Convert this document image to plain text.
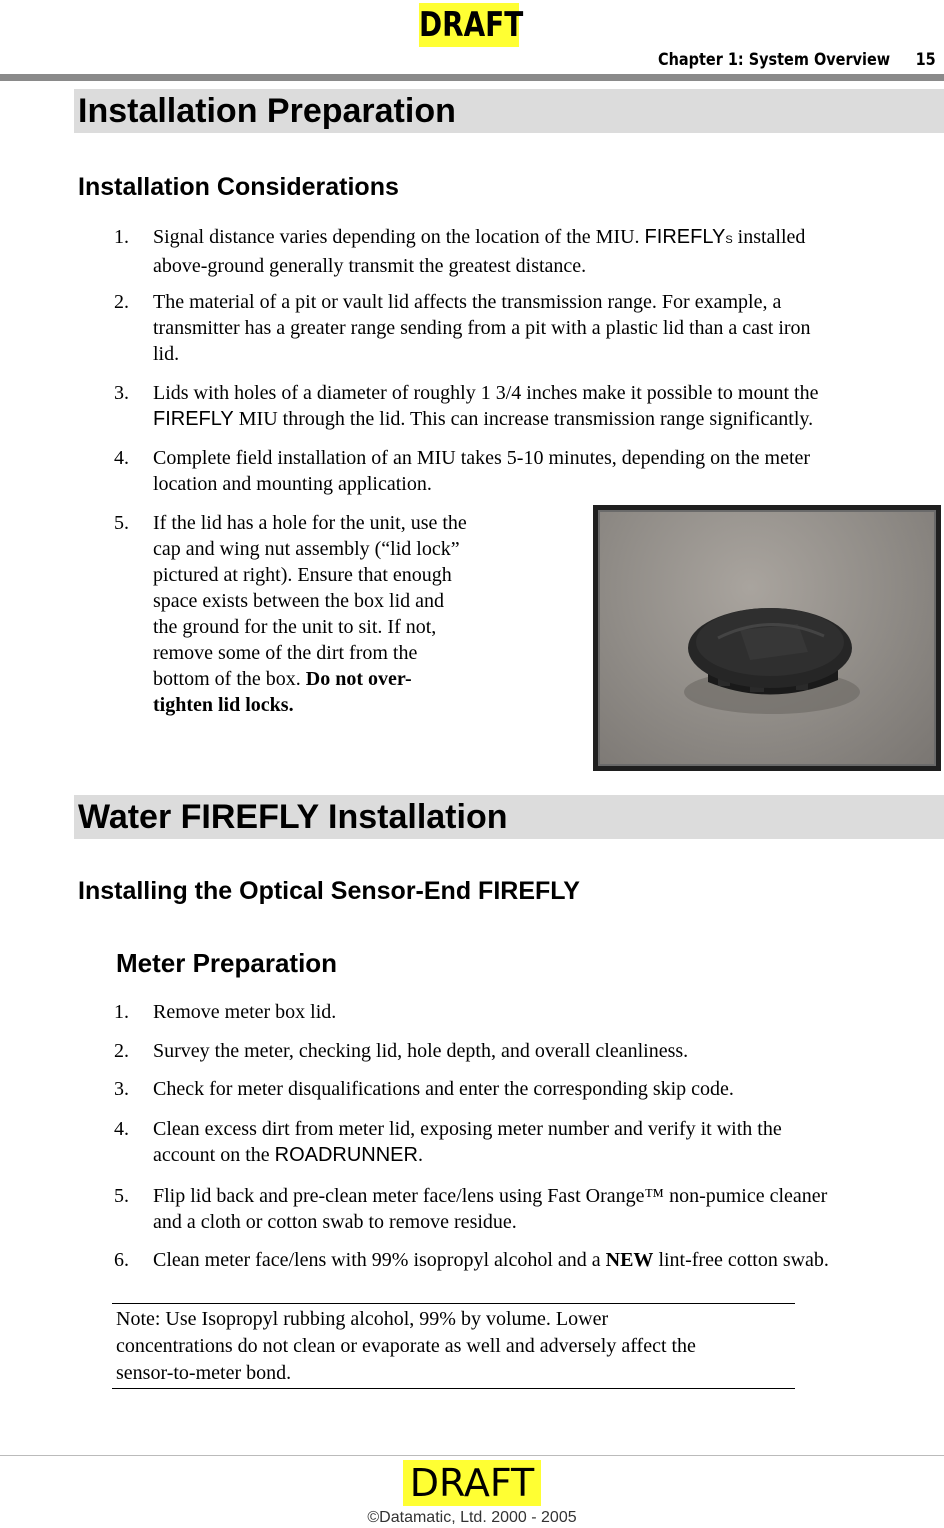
DRAFT
Chapter 1: System Overview 15
Installation Preparation
Installation Considerations
1. Signal distance varies depending on the location of the MIU. FIREFLYS installed
above-ground generally transmit the greatest distance.
2. The material of a pit or vault lid affects the transmission range. For example, a
transmitter has a greater range sending from a pit with a plastic lid than a cast iron
lid.
3. Lids with holes of a diameter of roughly 1 3/4 inches make it possible to mount the
FIREFLY MIU through the lid. This can increase transmission range significantly.
4. Complete field installation of an MIU takes 5-10 minutes, depending on the meter
location and mounting application.
5. If the lid has a hole for the unit, use the
cap and wing nut assembly (“lid lock”
pictured at right). Ensure that enough
space exists between the box lid and
the ground for the unit to sit. If not,
remove some of the dirt from the
bottom of the box. Do not over-
tighten lid locks.
Water FIREFLY Installation
Installing the Optical Sensor-End FIREFLY
Meter Preparation
1. Remove meter box lid.
2. Survey the meter, checking lid, hole depth, and overall cleanliness.
3. Check for meter disqualifications and enter the corresponding skip code.
4. Clean excess dirt from meter lid, exposing meter number and verify it with the
account on the ROADRUNNER.
5. Flip lid back and pre-clean meter face/lens using Fast Orange™ non-pumice cleaner
and a cloth or cotton swab to remove residue.
6. Clean meter face/lens with 99% isopropyl alcohol and a NEW lint-free cotton swab.
Note: Use Isopropyl rubbing alcohol, 99% by volume. Lower
concentrations do not clean or evaporate as well and adversely affect the
sensor-to-meter bond.
DRAFT
©Datamatic, Ltd. 2000 - 2005
